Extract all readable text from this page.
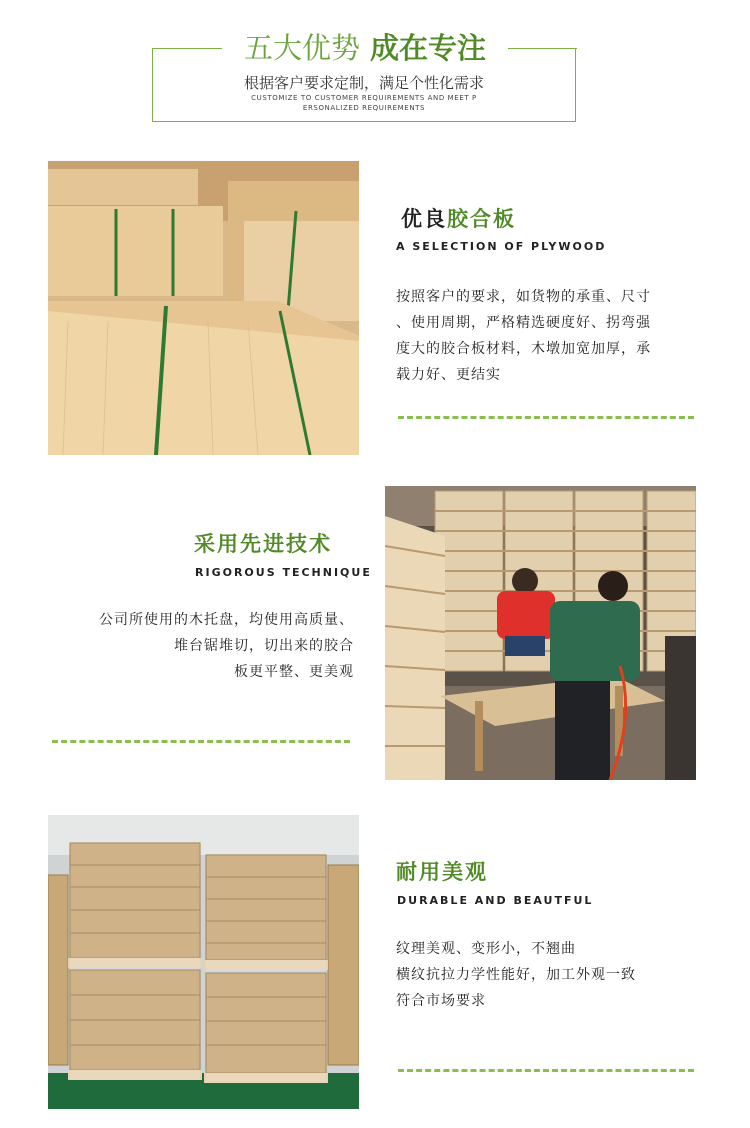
五大优势 成在专注
根据客户要求定制，满足个性化需求
CUSTOMIZE TO CUSTOMER REQUIREMENTS AND MEET P ERSONALIZED REQUIREMENTS
优良胶合板
A SELECTION OF PLYWOOD
按照客户的要求，如货物的承重、尺寸
、使用周期，严格精选硬度好、拐弯强
度大的胶合板材料，木墩加宽加厚，承
载力好、更结实
采用先进技术
RIGOROUS TECHNIQUE
公司所使用的木托盘，均使用高质量、
堆台锯堆切，切出来的胶合
板更平整、更美观
耐用美观
DURABLE AND BEAUTFUL
纹理美观、变形小，不翘曲
横纹抗拉力学性能好，加工外观一致
符合市场要求
